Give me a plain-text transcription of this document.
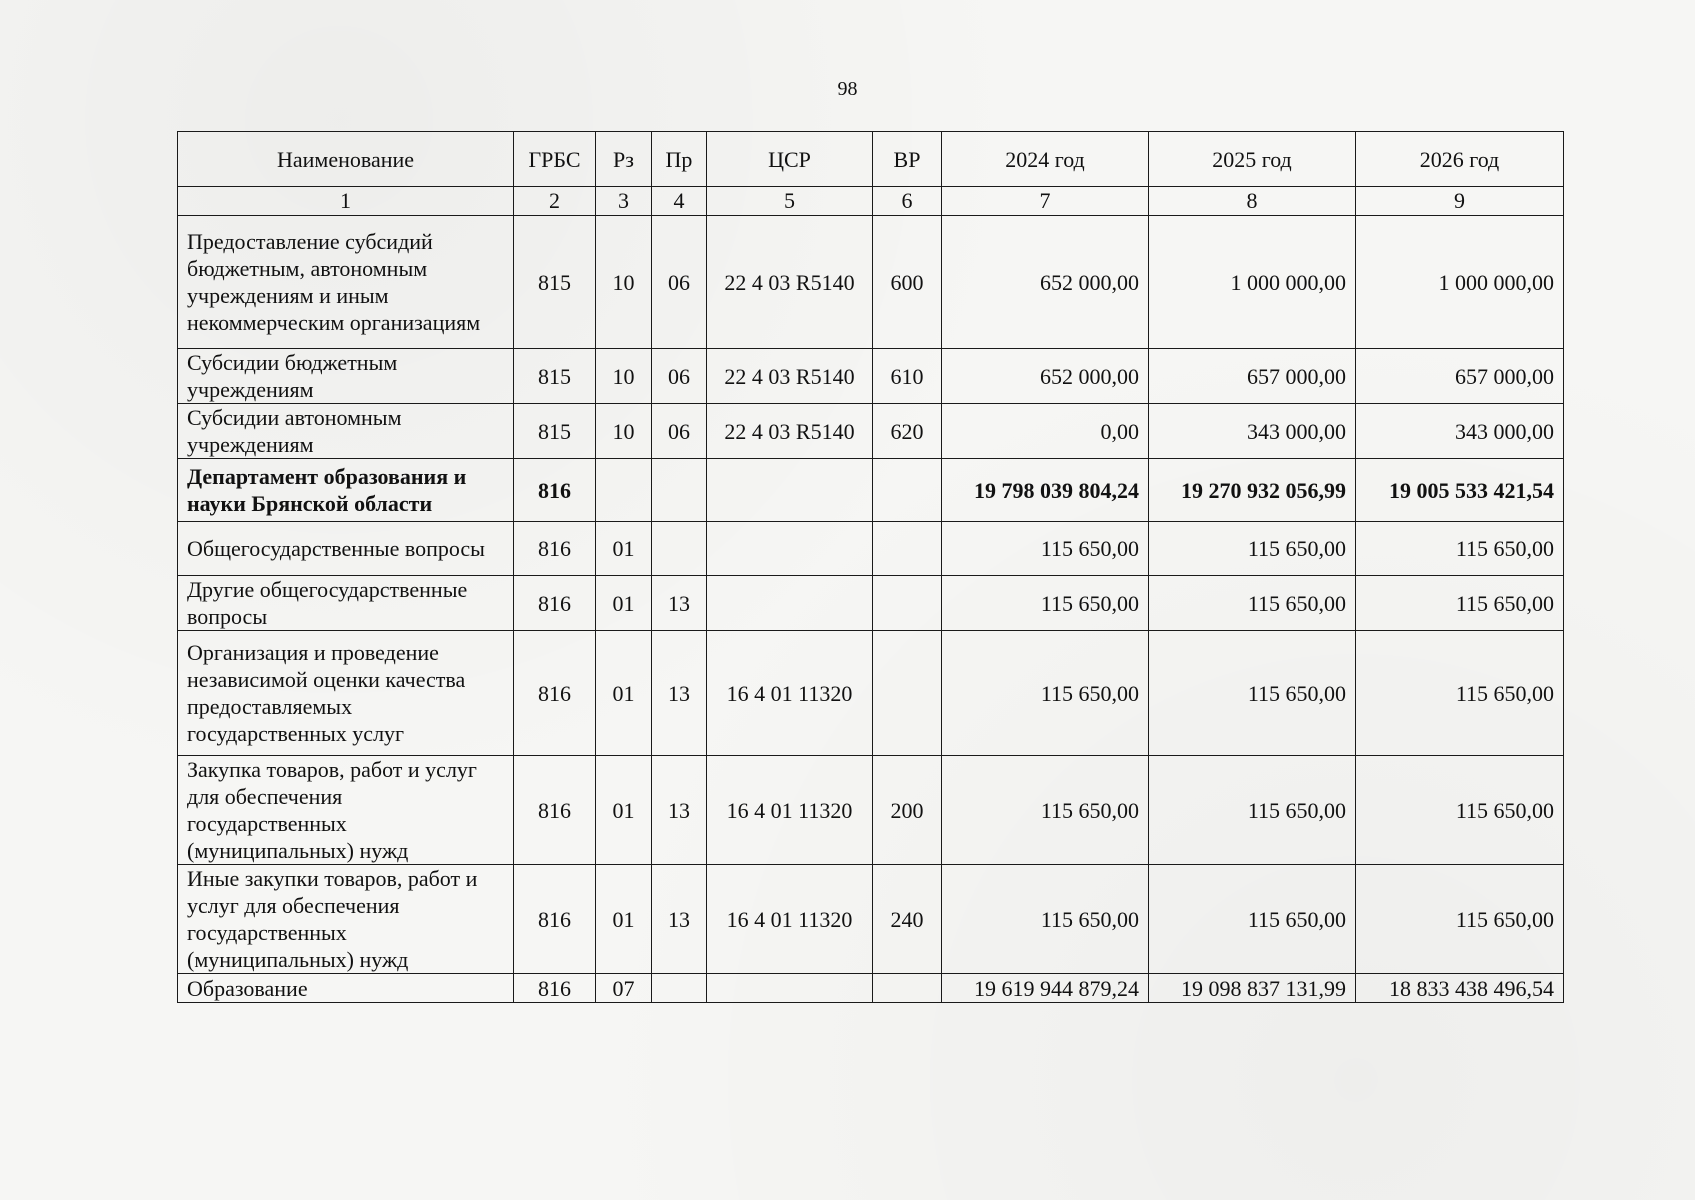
98
Наименование	ГРБС	Рз	Пр	ЦСР	ВР	2024 год	2025 год	2026 год
1	2	3	4	5	6	7	8	9
Предоставление субсидий бюджетным, автономным учреждениям и иным некоммерческим организациям	815	10	06	22 4 03 R5140	600	652 000,00	1 000 000,00	1 000 000,00
Субсидии бюджетным учреждениям	815	10	06	22 4 03 R5140	610	652 000,00	657 000,00	657 000,00
Субсидии автономным учреждениям	815	10	06	22 4 03 R5140	620	0,00	343 000,00	343 000,00
Департамент образования и науки Брянской области	816					19 798 039 804,24	19 270 932 056,99	19 005 533 421,54
Общегосударственные вопросы	816	01				115 650,00	115 650,00	115 650,00
Другие общегосударственные вопросы	816	01	13			115 650,00	115 650,00	115 650,00
Организация и проведение независимой оценки качества предоставляемых государственных услуг	816	01	13	16 4 01 11320		115 650,00	115 650,00	115 650,00
Закупка товаров, работ и услуг для обеспечения государственных (муниципальных) нужд	816	01	13	16 4 01 11320	200	115 650,00	115 650,00	115 650,00
Иные закупки товаров, работ и услуг для обеспечения государственных (муниципальных) нужд	816	01	13	16 4 01 11320	240	115 650,00	115 650,00	115 650,00
Образование	816	07				19 619 944 879,24	19 098 837 131,99	18 833 438 496,54
